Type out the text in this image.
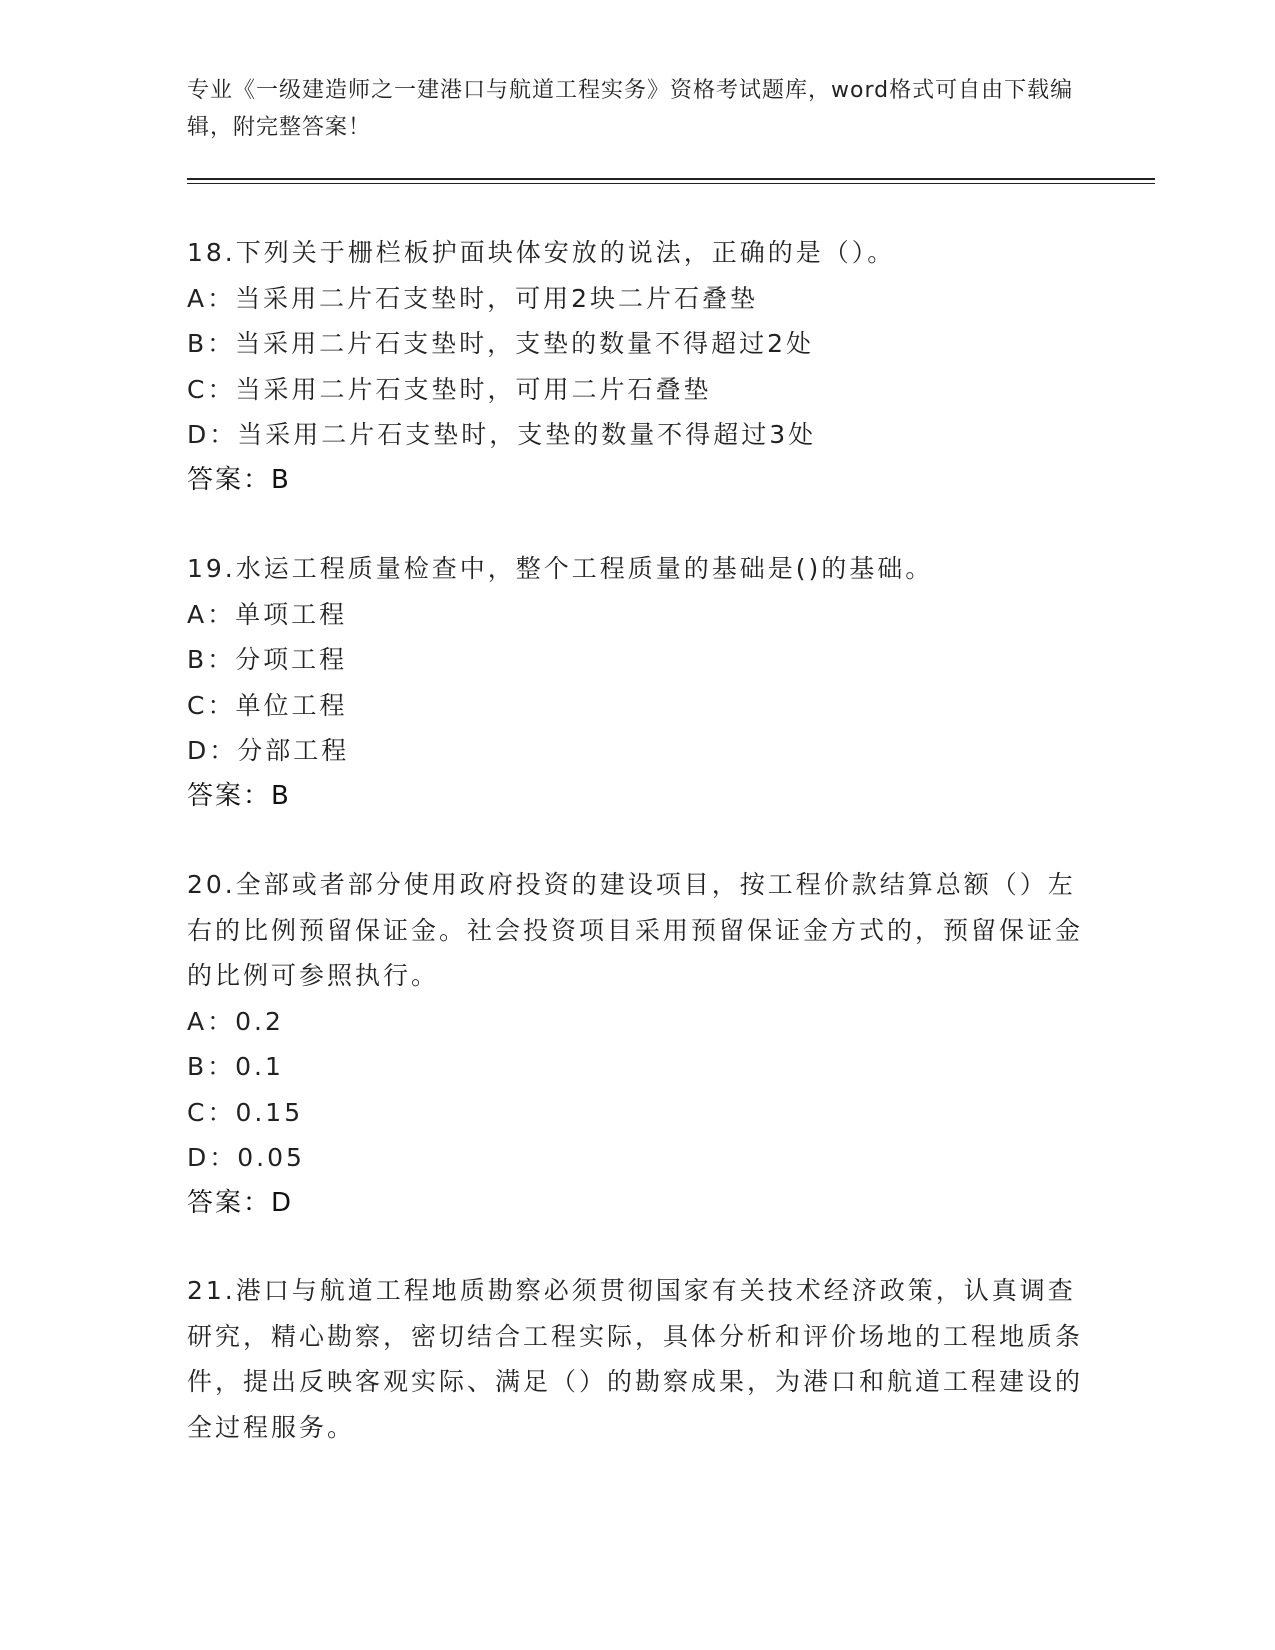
专业《一级建造师之一建港口与航道工程实务》资格考试题库，word格式可自由下载编辑，附完整答案！
18.下列关于栅栏板护面块体安放的说法，正确的是（）。
A：当采用二片石支垫时，可用2块二片石叠垫
B：当采用二片石支垫时，支垫的数量不得超过2处
C：当采用二片石支垫时，可用二片石叠垫
D：当采用二片石支垫时，支垫的数量不得超过3处
答案：B
19.水运工程质量检查中，整个工程质量的基础是()的基础。
A：单项工程
B：分项工程
C：单位工程
D：分部工程
答案：B
20.全部或者部分使用政府投资的建设项目，按工程价款结算总额（）左右的比例预留保证金。社会投资项目采用预留保证金方式的，预留保证金的比例可参照执行。
A：0.2
B：0.1
C：0.15
D：0.05
答案：D
21.港口与航道工程地质勘察必须贯彻国家有关技术经济政策，认真调查研究，精心勘察，密切结合工程实际，具体分析和评价场地的工程地质条件，提出反映客观实际、满足（）的勘察成果，为港口和航道工程建设的全过程服务。
